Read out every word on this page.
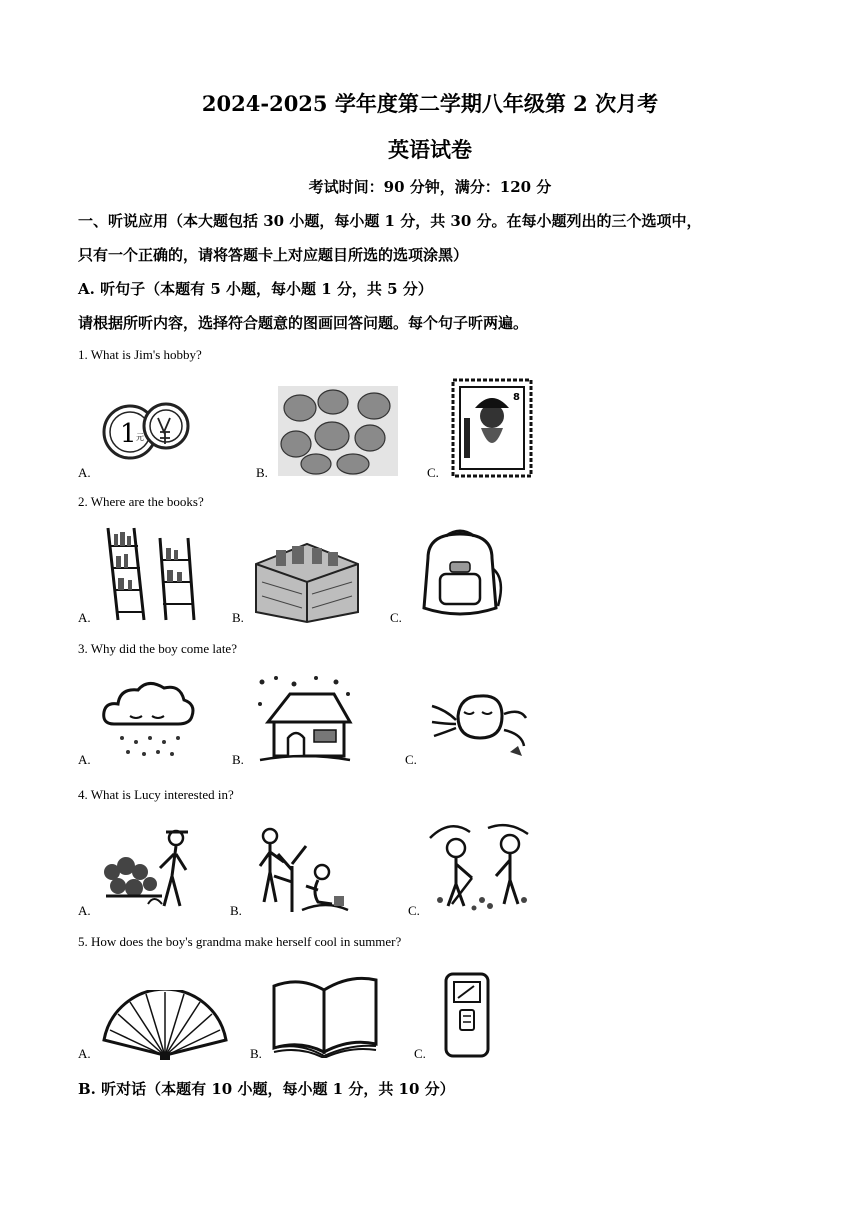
2024-2025 学年度第二学期八年级第 2 次月考
英语试卷
考试时间：90 分钟，满分：120 分
一、听说应用（本大题包括 30 小题，每小题 1 分，共 30 分。在每小题列出的三个选项中，
只有一个正确的，请将答题卡上对应题目所选的选项涂黑）
A. 听句子（本题有 5 小题，每小题 1 分，共 5 分）
请根据所听内容，选择符合题意的图画回答问题。每个句子听两遍。
1. What is Jim's hobby?
A.	B.	C.
1 元
8
2. Where are the books?
A.	B.	C.
3. Why did the boy come late?
A.	B.	C.
4. What is Lucy interested in?
A.	B.	C.
5. How does the boy's grandma make herself cool in summer?
A.	B.	C.
B. 听对话（本题有 10 小题，每小题 1 分，共 10 分）
